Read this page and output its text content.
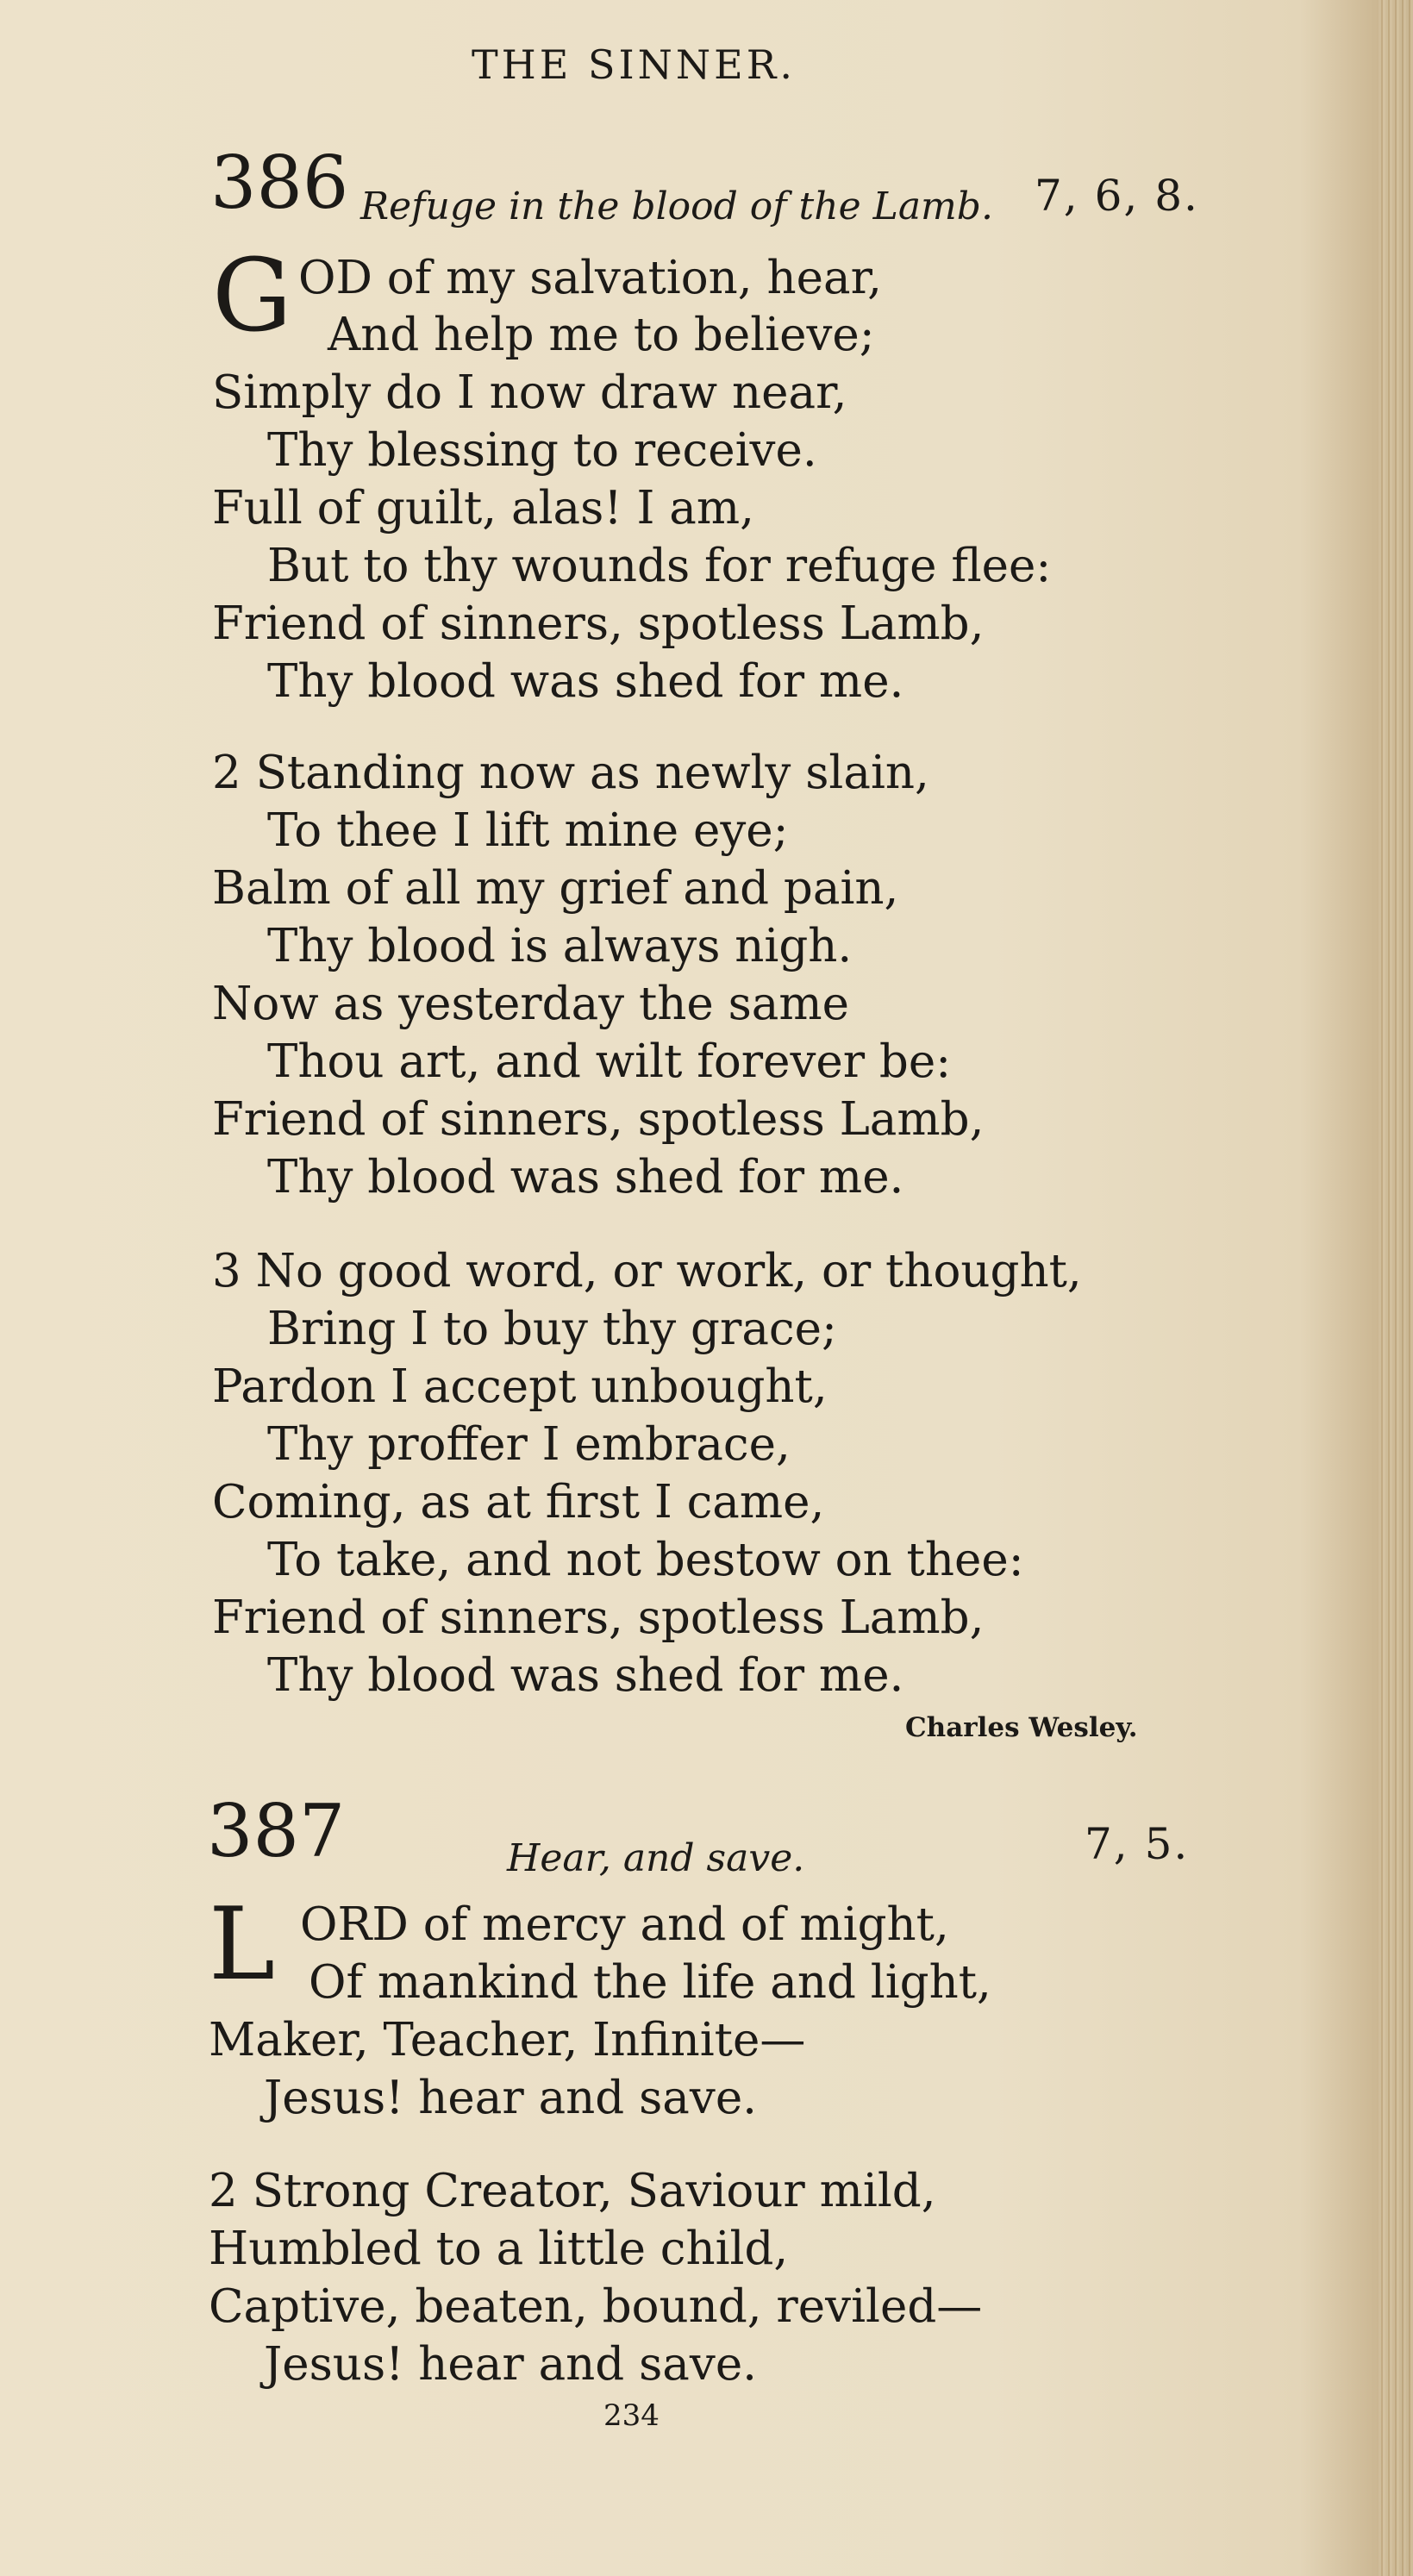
THE SINNER.
386 Refuge in the blood of the Lamb. 7, 6, 8.
G OD of my salvation, hear,
And help me to believe;
Simply do I now draw near,
Thy blessing to receive.
Full of guilt, alas! I am,
But to thy wounds for refuge flee:
Friend of sinners, spotless Lamb,
Thy blood was shed for me.
2 Standing now as newly slain,
To thee I lift mine eye;
Balm of all my grief and pain,
Thy blood is always nigh.
Now as yesterday the same
Thou art, and wilt forever be:
Friend of sinners, spotless Lamb,
Thy blood was shed for me.
3 No good word, or work, or thought,
Bring I to buy thy grace;
Pardon I accept unbought,
Thy proffer I embrace,
Coming, as at first I came,
To take, and not bestow on thee:
Friend of sinners, spotless Lamb,
Thy blood was shed for me.
Charles Wesley.
387	Hear, and save.	7, 5.
L ORD of mercy and of might,
Of mankind the life and light,
Maker, Teacher, Infinite—
Jesus! hear and save.
2 Strong Creator, Saviour mild,
Humbled to a little child,
Captive, beaten, bound, reviled—
Jesus! hear and save.
234
